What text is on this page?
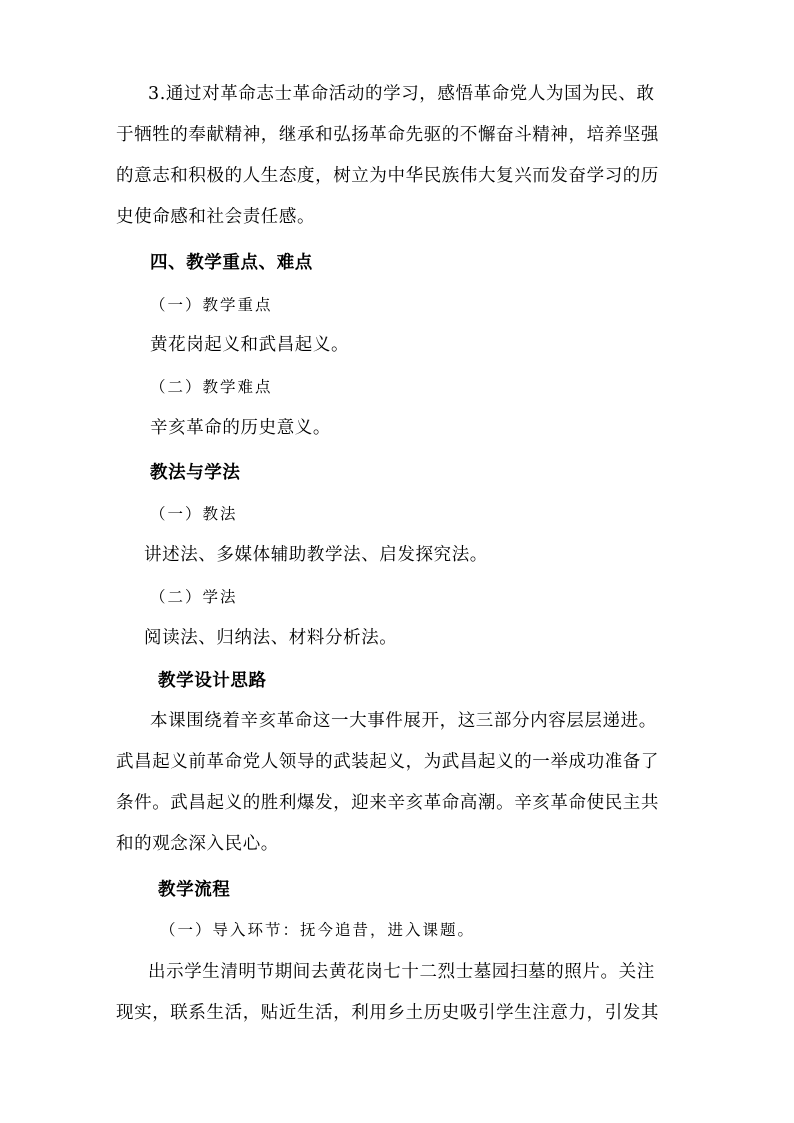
3.通过对革命志士革命活动的学习，感悟革命党人为国为民、敢
于牺牲的奉献精神，继承和弘扬革命先驱的不懈奋斗精神，培养坚强
的意志和积极的人生态度，树立为中华民族伟大复兴而发奋学习的历
史使命感和社会责任感。
四、教学重点、难点
（一）教学重点
黄花岗起义和武昌起义。
（二）教学难点
辛亥革命的历史意义。
教法与学法
（一）教法
讲述法、多媒体辅助教学法、启发探究法。
（二）学法
阅读法、归纳法、材料分析法。
教学设计思路
本课围绕着辛亥革命这一大事件展开，这三部分内容层层递进。
武昌起义前革命党人领导的武装起义，为武昌起义的一举成功准备了
条件。武昌起义的胜利爆发，迎来辛亥革命高潮。辛亥革命使民主共
和的观念深入民心。
教学流程
（一）导入环节：抚今追昔，进入课题。
出示学生清明节期间去黄花岗七十二烈士墓园扫墓的照片。关注
现实，联系生活，贴近生活，利用乡土历史吸引学生注意力，引发其
